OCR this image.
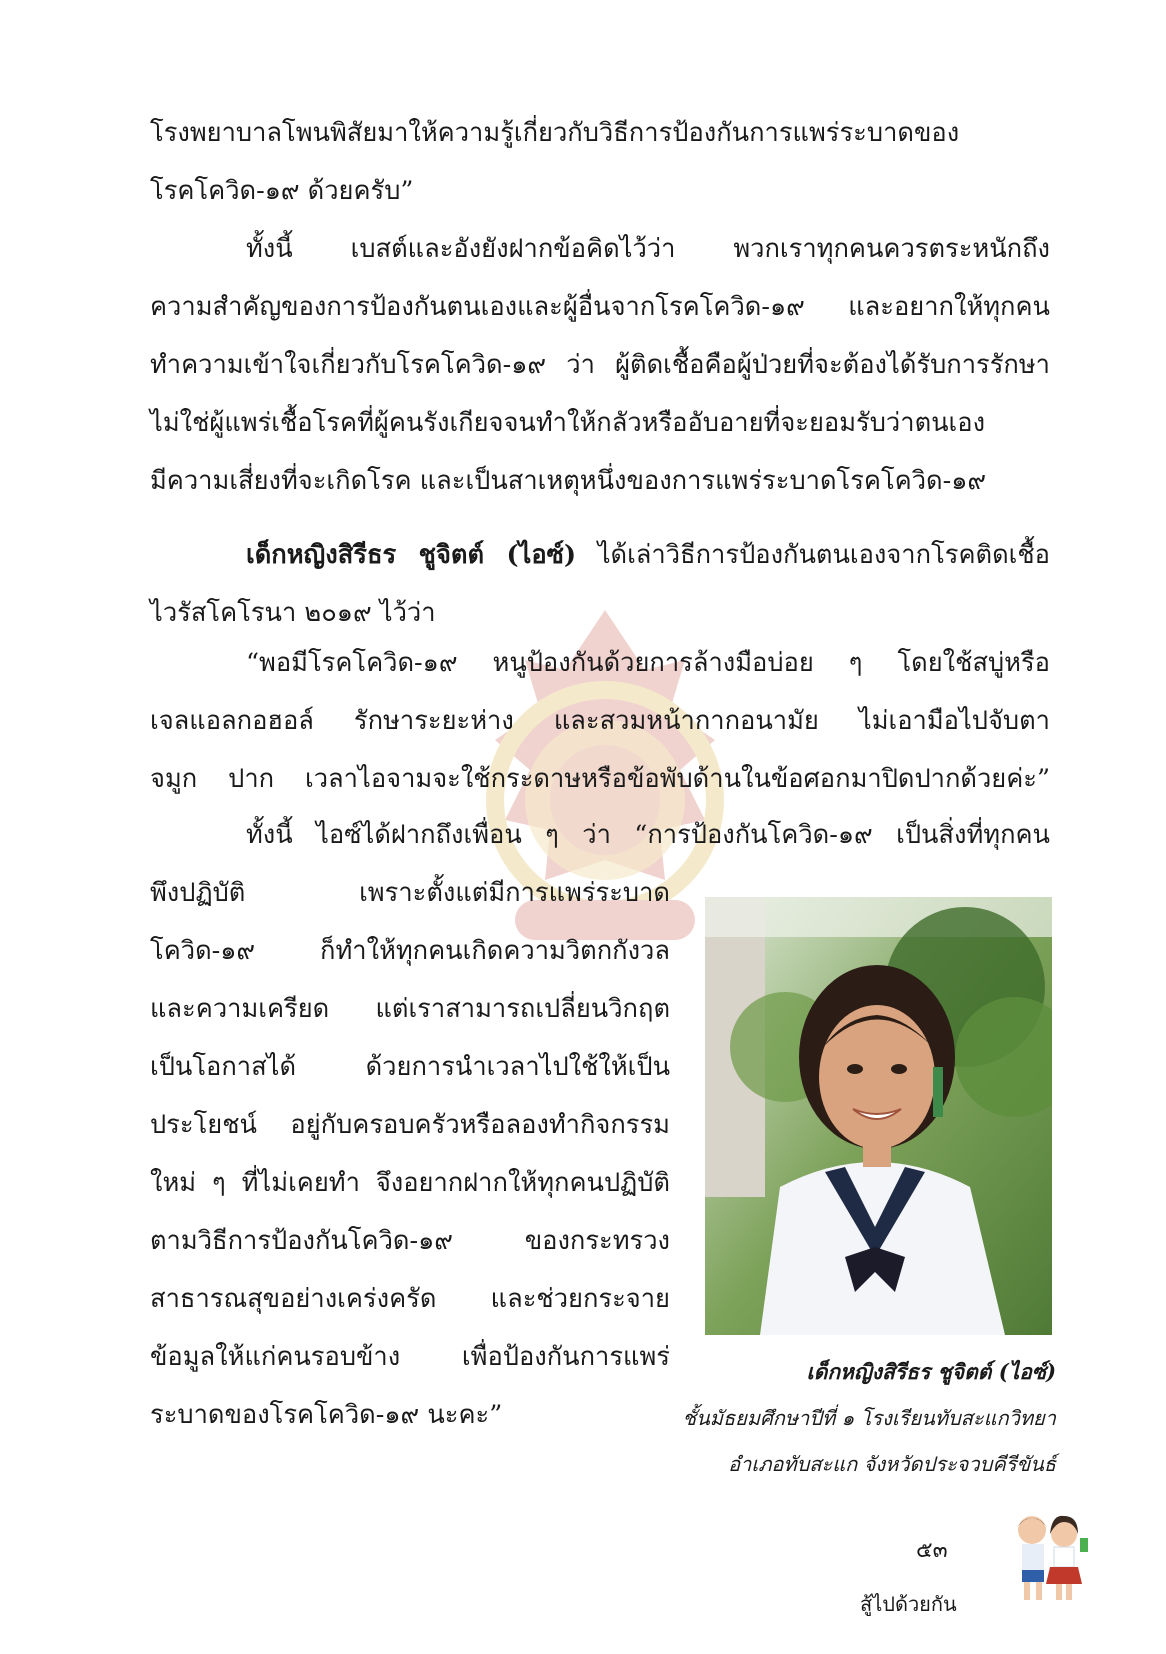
โรงพยาบาลโพนพิสัยมาให้ความรู้เกี่ยวกับวิธีการป้องกันการแพร่ระบาดของ
โรคโควิด-๑๙ ด้วยครับ”
ทั้งนี้ เบสต์และอังยังฝากข้อคิดไว้ว่า พวกเราทุกคนควรตระหนักถึง
ความสำคัญของการป้องกันตนเองและผู้อื่นจากโรคโควิด-๑๙ และอยากให้ทุกคน
ทำความเข้าใจเกี่ยวกับโรคโควิด-๑๙ ว่า ผู้ติดเชื้อคือผู้ป่วยที่จะต้องได้รับการรักษา
ไม่ใช่ผู้แพร่เชื้อโรคที่ผู้คนรังเกียจจนทำให้กลัวหรืออับอายที่จะยอมรับว่าตนเอง
มีความเสี่ยงที่จะเกิดโรค และเป็นสาเหตุหนึ่งของการแพร่ระบาดโรคโควิด-๑๙
เด็กหญิงสิรีธร ชูจิตต์ (ไอซ์) ได้เล่าวิธีการป้องกันตนเองจากโรคติดเชื้อ
ไวรัสโคโรนา ๒๐๑๙ ไว้ว่า
“พอมีโรคโควิด-๑๙ หนูป้องกันด้วยการล้างมือบ่อย ๆ โดยใช้สบู่หรือ
เจลแอลกอฮอล์ รักษาระยะห่าง และสวมหน้ากากอนามัย ไม่เอามือไปจับตา
จมูก ปาก เวลาไอจามจะใช้กระดาษหรือข้อพับด้านในข้อศอกมาปิดปากด้วยค่ะ”
ทั้งนี้ ไอซ์ได้ฝากถึงเพื่อน ๆ ว่า “การป้องกันโควิด-๑๙ เป็นสิ่งที่ทุกคน
พึงปฏิบัติ เพราะตั้งแต่มีการแพร่ระบาด
โควิด-๑๙ ก็ทำให้ทุกคนเกิดความวิตกกังวล
และความเครียด แต่เราสามารถเปลี่ยนวิกฤต
เป็นโอกาสได้ ด้วยการนำเวลาไปใช้ให้เป็น
ประโยชน์ อยู่กับครอบครัวหรือลองทำกิจกรรม
ใหม่ ๆ ที่ไม่เคยทำ จึงอยากฝากให้ทุกคนปฏิบัติ
ตามวิธีการป้องกันโควิด-๑๙ ของกระทรวง
สาธารณสุขอย่างเคร่งครัด และช่วยกระจาย
ข้อมูลให้แก่คนรอบข้าง เพื่อป้องกันการแพร่
ระบาดของโรคโควิด-๑๙ นะคะ”

เด็กหญิงสิรีธร ชูจิตต์ (ไอซ์)

ชั้นมัธยมศึกษาปีที่ ๑ โรงเรียนทับสะแกวิทยา

อำเภอทับสะแก จังหวัดประจวบคีรีขันธ์

๕๓

สู้ไปด้วยกัน
